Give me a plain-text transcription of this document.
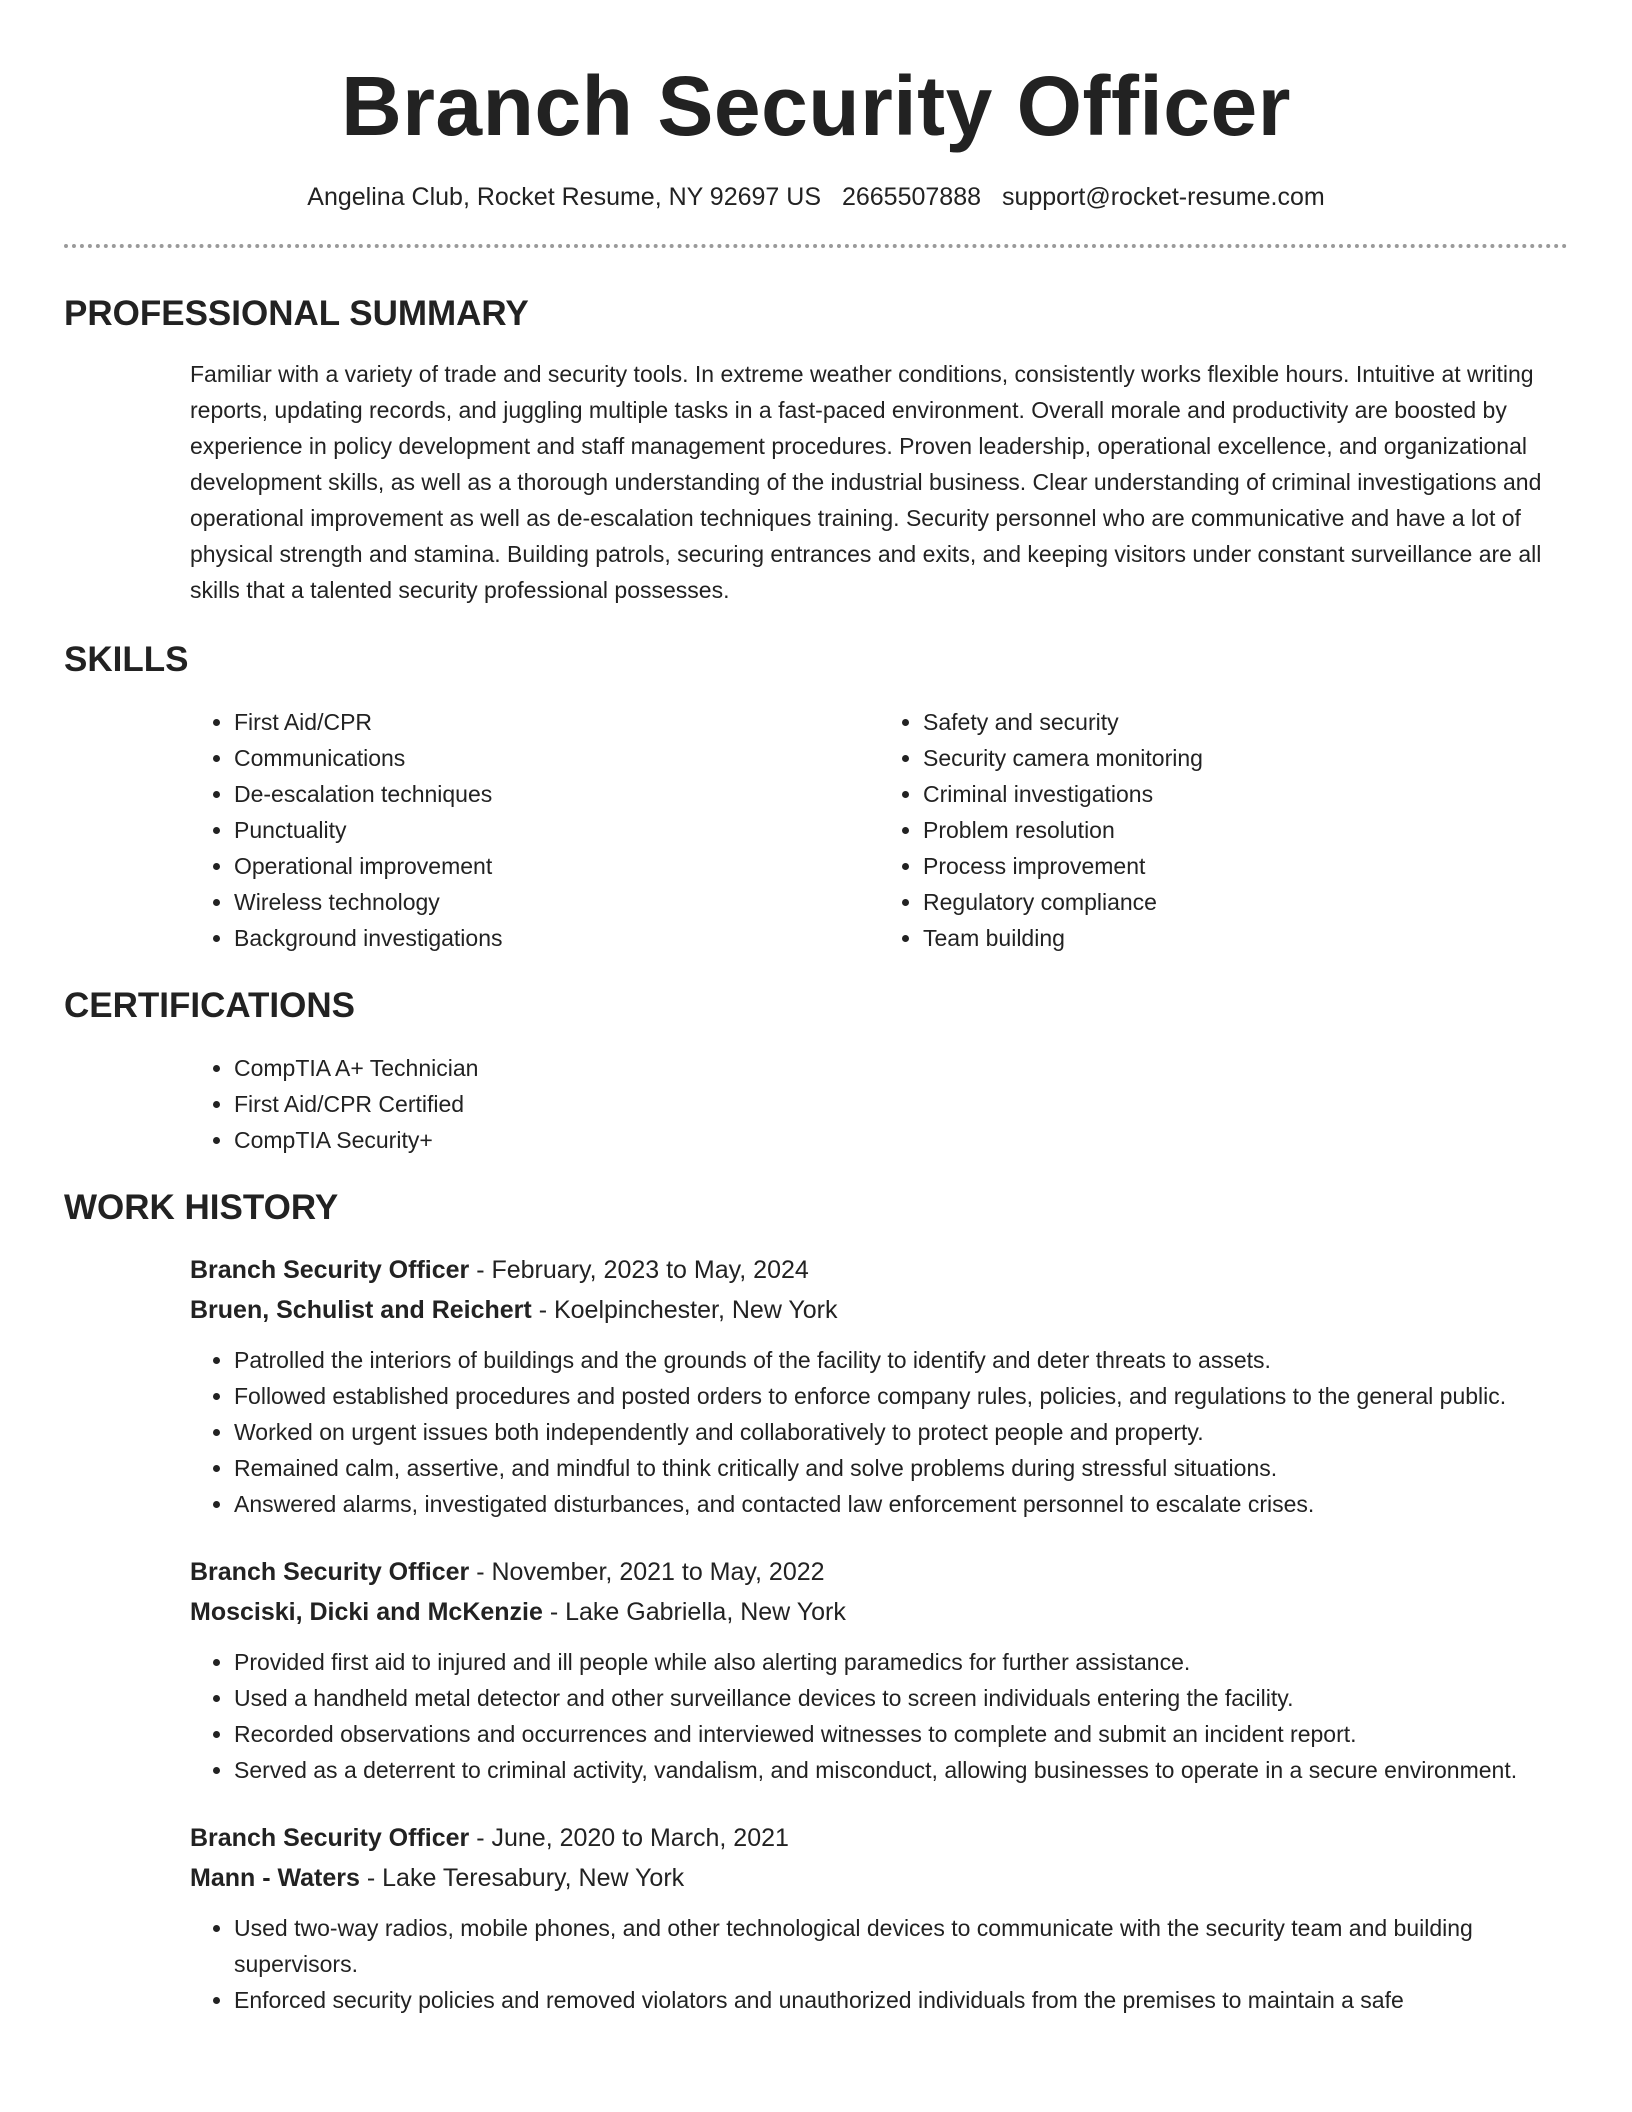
Branch Security Officer
Angelina Club, Rocket Resume, NY 92697 US 2665507888 support@rocket-resume.com
PROFESSIONAL SUMMARY

Familiar with a variety of trade and security tools. In extreme weather conditions, consistently works flexible hours. Intuitive at writing reports, updating records, and juggling multiple tasks in a fast-paced environment. Overall morale and productivity are boosted by experience in policy development and staff management procedures. Proven leadership, operational excellence, and organizational development skills, as well as a thorough understanding of the industrial business. Clear understanding of criminal investigations and operational improvement as well as de-escalation techniques training. Security personnel who are communicative and have a lot of physical strength and stamina. Building patrols, securing entrances and exits, and keeping visitors under constant surveillance are all skills that a talented security professional possesses.

SKILLS
• First Aid/CPR
• Communications
• De-escalation techniques
• Punctuality
• Operational improvement
• Wireless technology
• Background investigations
• Safety and security
• Security camera monitoring
• Criminal investigations
• Problem resolution
• Process improvement
• Regulatory compliance
• Team building
CERTIFICATIONS
• CompTIA A+ Technician
• First Aid/CPR Certified
• CompTIA Security+
WORK HISTORY
Branch Security Officer - February, 2023 to May, 2024
Bruen, Schulist and Reichert - Koelpinchester, New York
• Patrolled the interiors of buildings and the grounds of the facility to identify and deter threats to assets.
• Followed established procedures and posted orders to enforce company rules, policies, and regulations to the general public.
• Worked on urgent issues both independently and collaboratively to protect people and property.
• Remained calm, assertive, and mindful to think critically and solve problems during stressful situations.
• Answered alarms, investigated disturbances, and contacted law enforcement personnel to escalate crises.
Branch Security Officer - November, 2021 to May, 2022
Mosciski, Dicki and McKenzie - Lake Gabriella, New York
• Provided first aid to injured and ill people while also alerting paramedics for further assistance.
• Used a handheld metal detector and other surveillance devices to screen individuals entering the facility.
• Recorded observations and occurrences and interviewed witnesses to complete and submit an incident report.
• Served as a deterrent to criminal activity, vandalism, and misconduct, allowing businesses to operate in a secure environment.
Branch Security Officer - June, 2020 to March, 2021
Mann - Waters - Lake Teresabury, New York
• Used two-way radios, mobile phones, and other technological devices to communicate with the security team and building supervisors.
• Enforced security policies and removed violators and unauthorized individuals from the premises to maintain a safe
